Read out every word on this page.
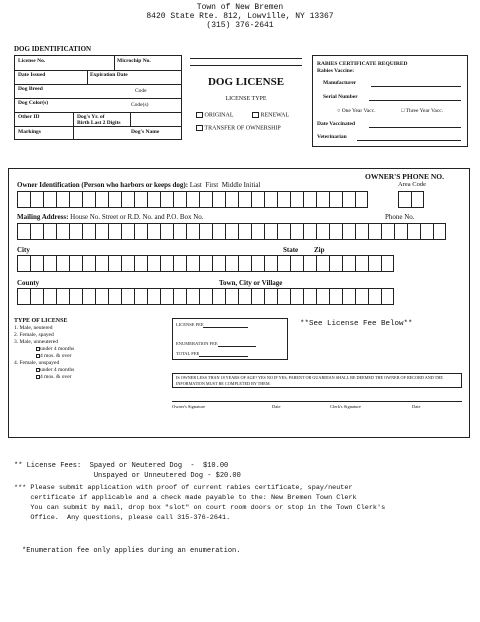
Town of New Bremen
8420 State Rte. 812, Lowville, NY 13367
(315) 376-2641
DOG IDENTIFICATION
License No.	Microchip No.
Date Issued	Expiration Date
Dog Breed	Code
Dog Color(s)	Code(s)
Other ID	Dog's Yr. of
Birth Last 2 Digits
Markings	Dog's Name
DOG LICENSE
LICENSE TYPE
ORIGINAL	RENEWAL
TRANSFER OF OWNERSHIP
RABIES CERTIFICATE REQUIRED
Rabies Vaccine:
Manufacturer
Serial Number
○ One Year Vacc.	□ Three Year Vacc.
Date Vaccinated
Veterinarian
OWNER'S PHONE NO.
Area Code
Owner Identification (Person who harbors or keeps dog): Last First Middle Initial
Mailing Address: House No. Street or R.D. No. and P.O. Box No.	Phone No.
City	State Zip
County	Town, City or Village
TYPE OF LICENSE
1. Male, neutered
2. Female, spayed
3. Male, unneutered
under 4 months
4 mos. & over
4. Female, unspayed
under 4 months
4 mos. & over
LICENSE FEE
ENUMERATION FEE
TOTAL FEE
**See License Fee Below**
IS OWNER LESS THAN 18 YEARS OF AGE? YES NO IF YES, PARENT OR GUARDIAN SHALL BE DEEMED THE OWNER OF RECORD AND THE INFORMATION MUST BE COMPLETED BY THEM.
Owner's Signature	Date	Clerk's Signature	Date
** License Fees:  Spayed or Neutered Dog  -  $10.00
Unspayed or Unneutered Dog - $20.00
*** Please submit application with proof of current rabies certificate, spay/neuter
certificate if applicable and a check made payable to the: New Bremen Town Clerk
You can submit by mail, drop box "slot" on court room doors or stop in the Town Clerk's
Office.  Any questions, please call 315-376-2641.
*Enumeration fee only applies during an enumeration.
